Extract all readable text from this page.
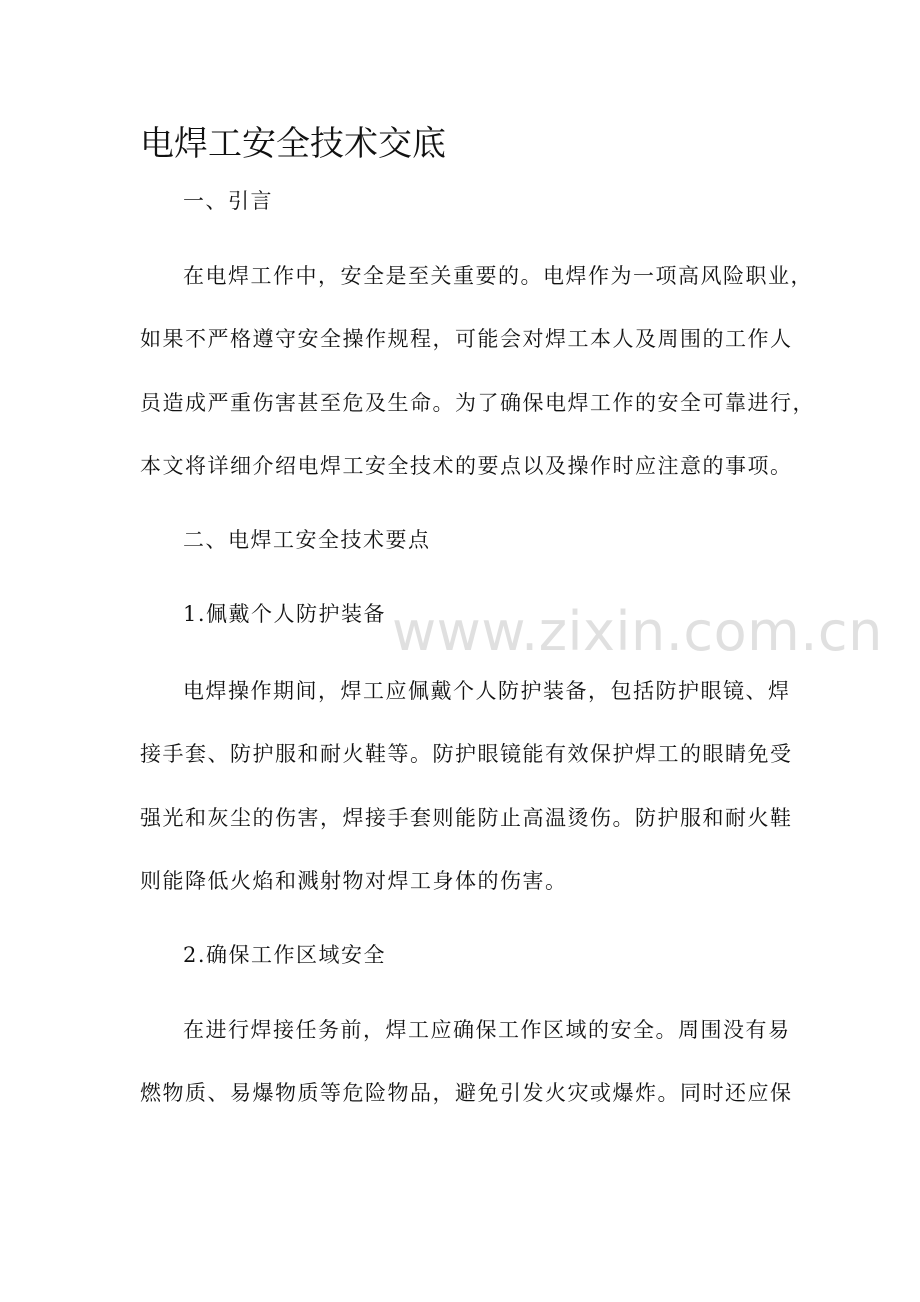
电焊工安全技术交底
一、引言
在电焊工作中，安全是至关重要的。电焊作为一项高风险职业，
如果不严格遵守安全操作规程，可能会对焊工本人及周围的工作人
员造成严重伤害甚至危及生命。为了确保电焊工作的安全可靠进行，
本文将详细介绍电焊工安全技术的要点以及操作时应注意的事项。
二、电焊工安全技术要点
1.佩戴个人防护装备
电焊操作期间，焊工应佩戴个人防护装备，包括防护眼镜、焊
接手套、防护服和耐火鞋等。防护眼镜能有效保护焊工的眼睛免受
强光和灰尘的伤害，焊接手套则能防止高温烫伤。防护服和耐火鞋
则能降低火焰和溅射物对焊工身体的伤害。
2.确保工作区域安全
在进行焊接任务前，焊工应确保工作区域的安全。周围没有易
燃物质、易爆物质等危险物品，避免引发火灾或爆炸。同时还应保
www.zixin.com.cn
